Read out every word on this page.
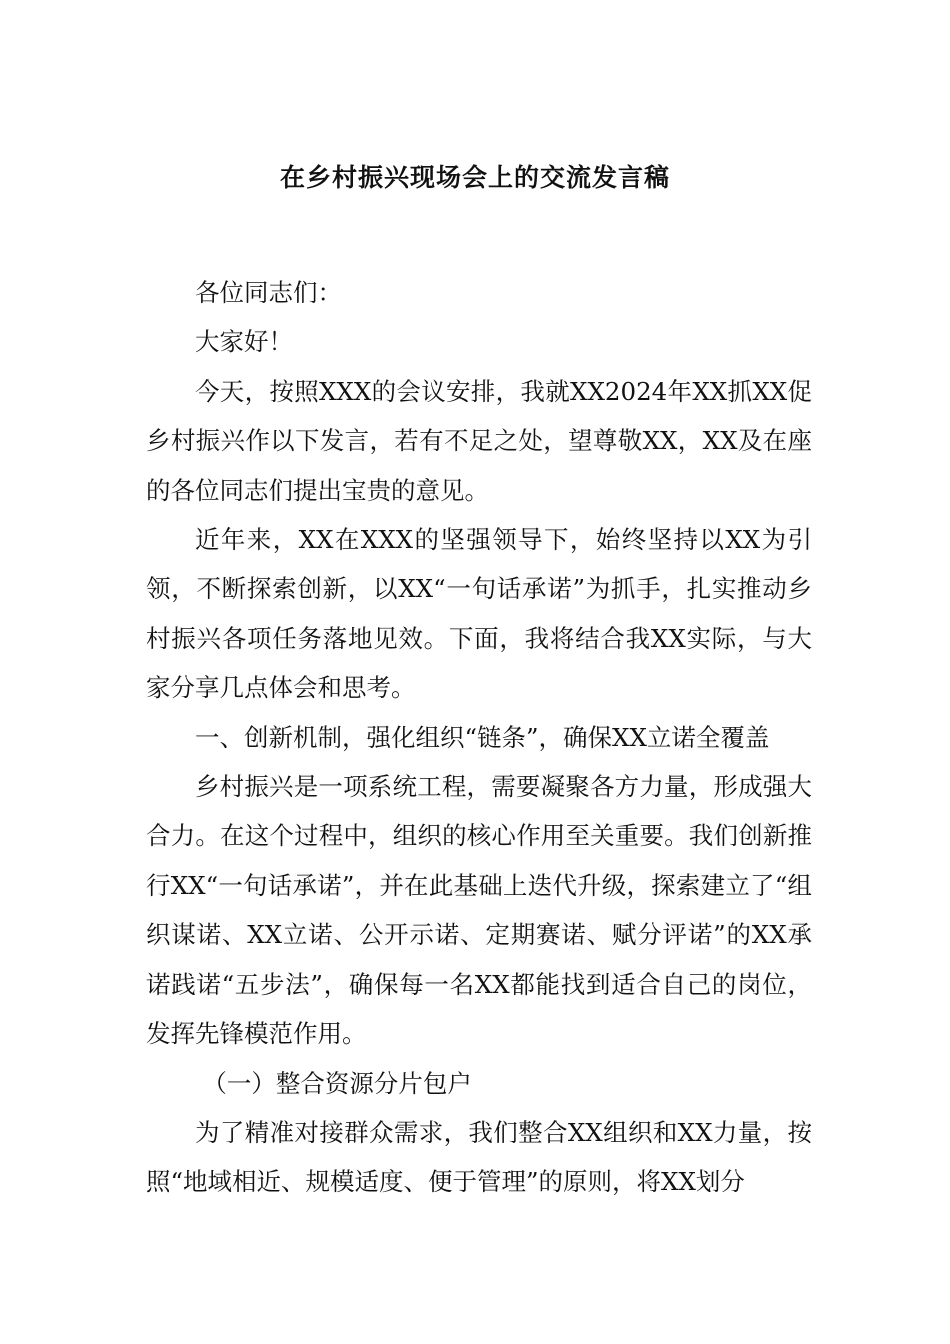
在乡村振兴现场会上的交流发言稿

各位同志们：

大家好！

今天，按照XXX的会议安排，我就XX2024年XX抓XX促乡村振兴作以下发言，若有不足之处，望尊敬XX，XX及在座的各位同志们提出宝贵的意见。

近年来，XX在XXX的坚强领导下，始终坚持以XX为引领，不断探索创新，以XX“一句话承诺”为抓手，扎实推动乡村振兴各项任务落地见效。下面，我将结合我XX实际，与大家分享几点体会和思考。

一、创新机制，强化组织“链条”，确保XX立诺全覆盖

乡村振兴是一项系统工程，需要凝聚各方力量，形成强大合力。在这个过程中，组织的核心作用至关重要。我们创新推行XX“一句话承诺”，并在此基础上迭代升级，探索建立了“组织谋诺、XX立诺、公开示诺、定期赛诺、赋分评诺”的XX承诺践诺“五步法”，确保每一名XX都能找到适合自己的岗位，发挥先锋模范作用。

（一）整合资源分片包户

为了精准对接群众需求，我们整合XX组织和XX力量，按照“地域相近、规模适度、便于管理”的原则，将XX划分
